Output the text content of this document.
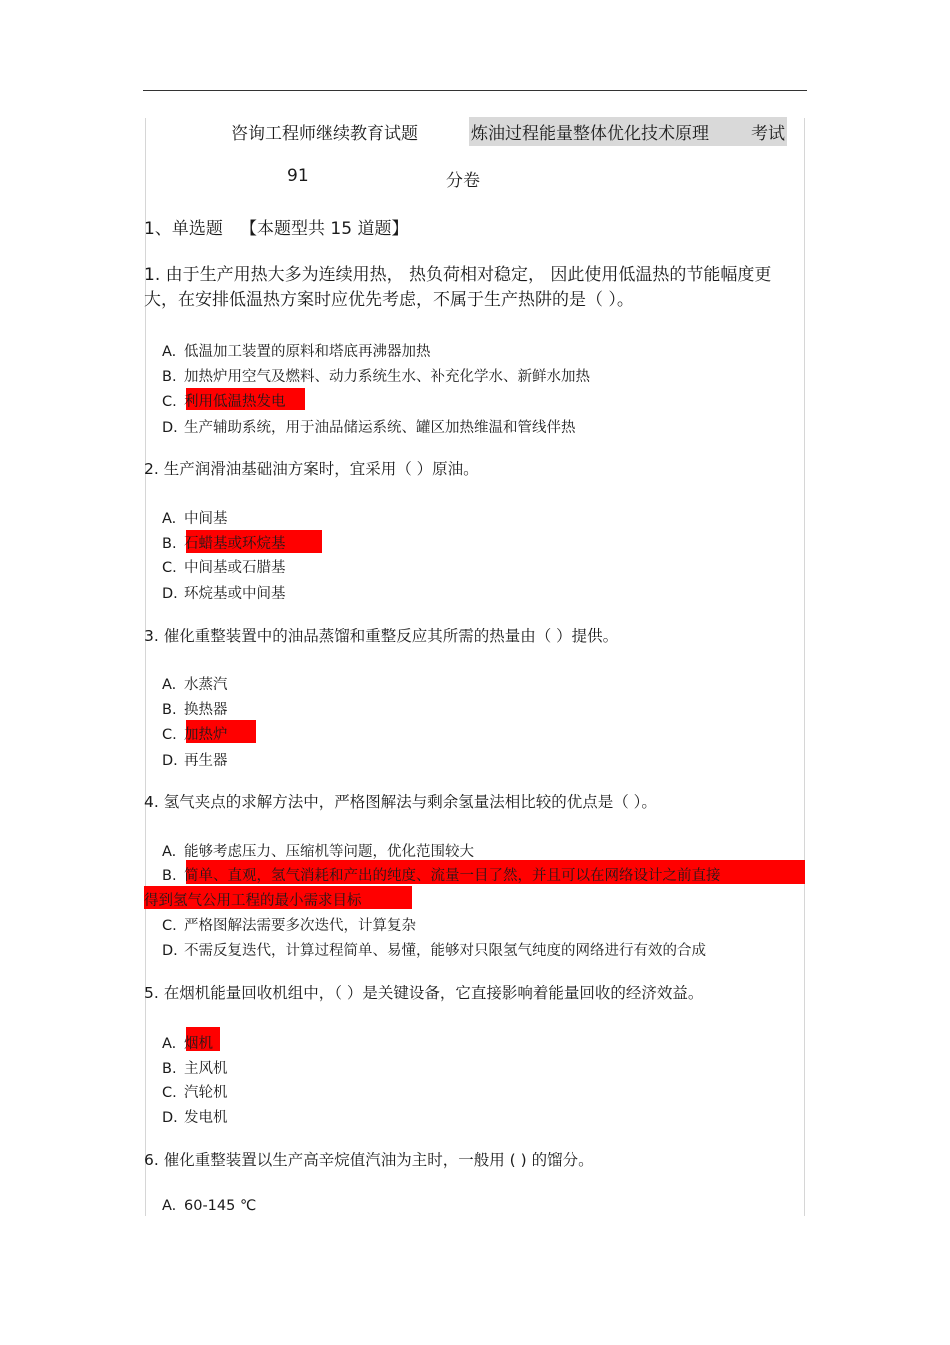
咨询工程师继续教育试题	炼油过程能量整体优化技术原理 考试
91	分卷
1、单选题 【本题型共 15 道题】
1. 由于生产用热大多为连续用热， 热负荷相对稳定， 因此使用低温热的节能幅度更大，在安排低温热方案时应优先考虑，不属于生产热阱的是（ ）。
A. 低温加工装置的原料和塔底再沸器加热
B. 加热炉用空气及燃料、动力系统生水、补充化学水、新鲜水加热
C. 利用低温热发电
D. 生产辅助系统，用于油品储运系统、罐区加热维温和管线伴热
2. 生产润滑油基础油方案时，宜采用（ ）原油。
A. 中间基
B. 石蜡基或环烷基
C. 中间基或石腊基
D. 环烷基或中间基
3. 催化重整装置中的油品蒸馏和重整反应其所需的热量由（ ）提供。
A. 水蒸汽
B. 换热器
C. 加热炉
D. 再生器
4. 氢气夹点的求解方法中，严格图解法与剩余氢量法相比较的优点是（ ）。
A. 能够考虑压力、压缩机等问题，优化范围较大
B. 简单、直观，氢气消耗和产出的纯度、流量一目了然，并且可以在网络设计之前直接
得到氢气公用工程的最小需求目标
C. 严格图解法需要多次迭代，计算复杂
D. 不需反复迭代，计算过程简单、易懂，能够对只限氢气纯度的网络进行有效的合成
5. 在烟机能量回收机组中，（ ）是关键设备，它直接影响着能量回收的经济效益。
A. 烟机
B. 主风机
C. 汽轮机
D. 发电机
6. 催化重整装置以生产高辛烷值汽油为主时，一般用 ( ) 的馏分。
A. 60-145 ℃
